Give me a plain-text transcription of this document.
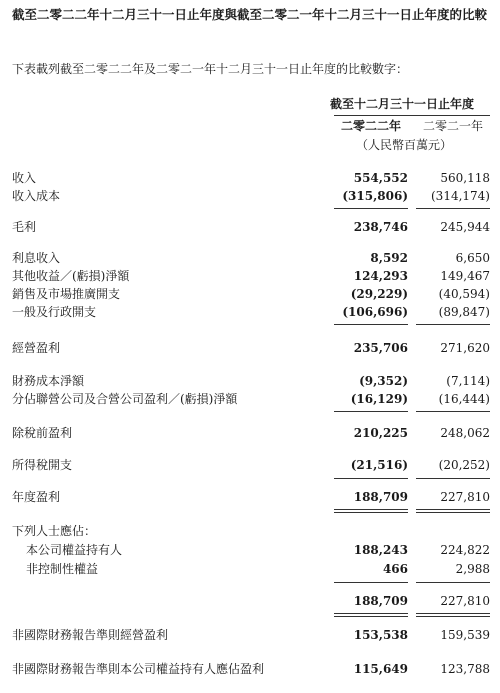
截至二零二二年十二月三十一日止年度與截至二零二一年十二月三十一日止年度的比較
下表載列截至二零二二年及二零二一年十二月三十一日止年度的比較數字：
截至十二月三十一日止年度
二零二二年	二零二一年
（人民幣百萬元）
收入	554,552	560,118
收入成本	(315,806) (314,174)
毛利	238,746	245,944
利息收入	8,592	6,650
其他收益／(虧損)淨額	124,293	149,467
銷售及市場推廣開支	(29,229)	(40,594)
一般及行政開支	(106,696)	(89,847)
經營盈利	235,706	271,620
財務成本淨額	(9,352)	(7,114)
分佔聯營公司及合營公司盈利／(虧損)淨額	(16,129)	(16,444)
除稅前盈利	210,225	248,062
所得稅開支	(21,516)	(20,252)
年度盈利	188,709	227,810
下列人士應佔：
本公司權益持有人	188,243	224,822
非控制性權益	466	2,988
188,709	227,810
非國際財務報告準則經營盈利	153,538	159,539
非國際財務報告準則本公司權益持有人應佔盈利	115,649	123,788
